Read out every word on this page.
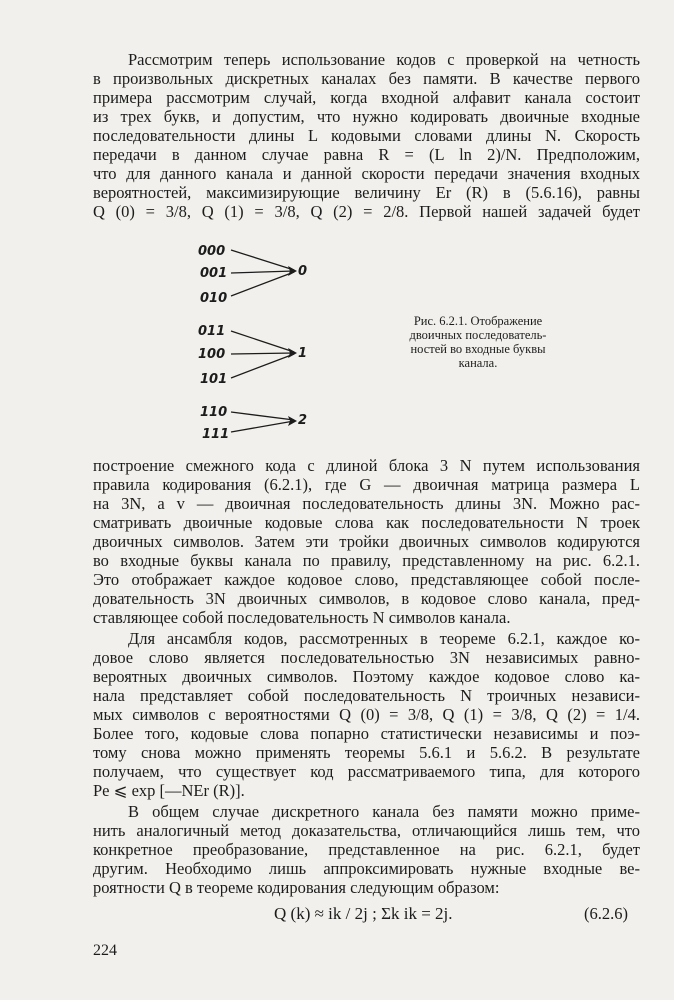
Рассмотрим теперь использование кодов с проверкой на четность
в произвольных дискретных каналах без памяти. В качестве первого
примера рассмотрим случай, когда входной алфавит канала состоит
из трех букв, и допустим, что нужно кодировать двоичные входные
последовательности длины L кодовыми словами длины N. Скорость
передачи в данном случае равна R = (L ln 2)/N. Предположим,
что для данного канала и данной скорости передачи значения входных
вероятностей, максимизирующие величину Er (R) в (5.6.16), равны
Q (0) = 3/8, Q (1) = 3/8, Q (2) = 2/8. Первой нашей задачей будет
000
001
010
0
011
100
101
1
110
111
2
Рис. 6.2.1. Отображение
двоичных последователь-
ностей во входные буквы
канала.
построение смежного кода с длиной блока 3 N путем использования
правила кодирования (6.2.1), где G — двоичная матрица размера L
на 3N, а v — двоичная последовательность длины 3N. Можно рас-
сматривать двоичные кодовые слова как последовательности N троек
двоичных символов. Затем эти тройки двоичных символов кодируются
во входные буквы канала по правилу, представленному на рис. 6.2.1.
Это отображает каждое кодовое слово, представляющее собой после-
довательность 3N двоичных символов, в кодовое слово канала, пред-
ставляющее собой последовательность N символов канала.
Для ансамбля кодов, рассмотренных в теореме 6.2.1, каждое ко-
довое слово является последовательностью 3N независимых равно-
вероятных двоичных символов. Поэтому каждое кодовое слово ка-
нала представляет собой последовательность N троичных независи-
мых символов с вероятностями Q (0) = 3/8, Q (1) = 3/8, Q (2) = 1/4.
Более того, кодовые слова попарно статистически независимы и поэ-
тому снова можно применять теоремы 5.6.1 и 5.6.2. В результате
получаем, что существует код рассматриваемого типа, для которого
Pe ⩽ exp [—NEr (R)].
В общем случае дискретного канала без памяти можно приме-
нить аналогичный метод доказательства, отличающийся лишь тем, что
конкретное преобразование, представленное на рис. 6.2.1, будет
другим. Необходимо лишь аппроксимировать нужные входные ве-
роятности Q в теореме кодирования следующим образом:
Q (k) ≈ ik / 2j ; Σk ik = 2j.	(6.2.6)
224
